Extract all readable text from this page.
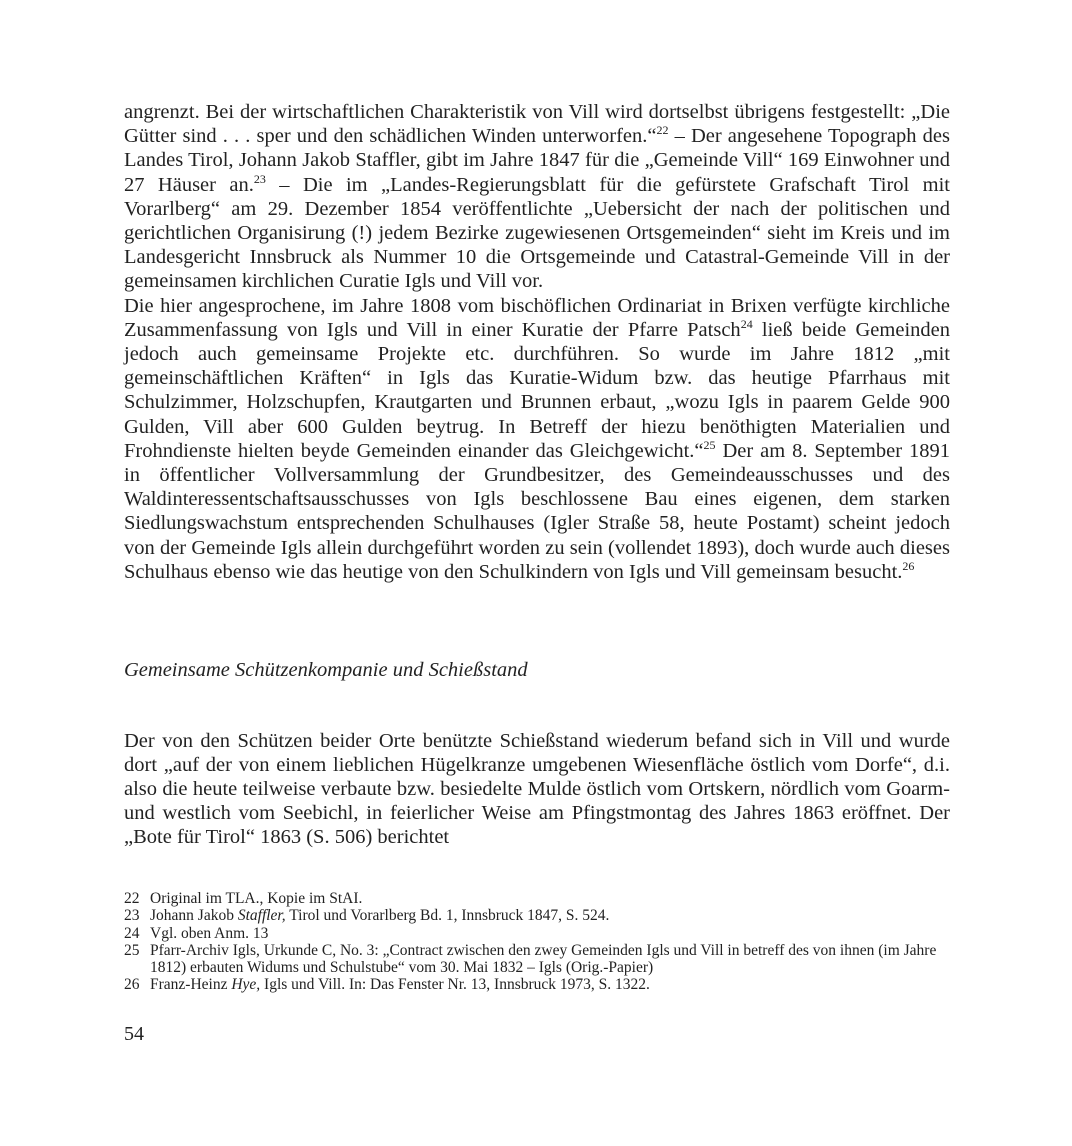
angrenzt. Bei der wirtschaftlichen Charakteristik von Vill wird dortselbst übrigens festgestellt: „Die Gütter sind . . . sper und den schädlichen Winden unterworfen.“$^{22}$ – Der angesehene Topograph des Landes Tirol, Johann Jakob Staffler, gibt im Jahre 1847 für die „Gemeinde Vill“ 169 Einwohner und 27 Häuser an.$^{23}$ – Die im „Landes-Regierungsblatt für die gefürstete Grafschaft Tirol mit Vorarlberg“ am 29. Dezember 1854 veröffentlichte „Uebersicht der nach der politischen und gerichtlichen Organisirung (!) jedem Bezirke zugewiesenen Ortsgemeinden“ sieht im Kreis und im Landesgericht Innsbruck als Nummer 10 die Ortsgemeinde und Catastral-Gemeinde Vill in der gemeinsamen kirchlichen Curatie Igls und Vill vor.

Die hier angesprochene, im Jahre 1808 vom bischöflichen Ordinariat in Brixen verfügte kirchliche Zusammenfassung von Igls und Vill in einer Kuratie der Pfarre Patsch$^{24}$ ließ beide Gemeinden jedoch auch gemeinsame Projekte etc. durchführen. So wurde im Jahre 1812 „mit gemeinschäftlichen Kräften“ in Igls das Kuratie-Widum bzw. das heutige Pfarrhaus mit Schulzimmer, Holzschupfen, Krautgarten und Brunnen erbaut, „wozu Igls in paarem Gelde 900 Gulden, Vill aber 600 Gulden beytrug. In Betreff der hiezu benöthigten Materialien und Frohndienste hielten beyde Gemeinden einander das Gleichgewicht.“$^{25}$ Der am 8. September 1891 in öffentlicher Vollversammlung der Grundbesitzer, des Gemeindeausschusses und des Waldinteressentschaftsausschusses von Igls beschlossene Bau eines eigenen, dem starken Siedlungswachstum entsprechenden Schulhauses (Igler Straße 58, heute Postamt) scheint jedoch von der Gemeinde Igls allein durchgeführt worden zu sein (vollendet 1893), doch wurde auch dieses Schulhaus ebenso wie das heutige von den Schulkindern von Igls und Vill gemeinsam besucht.$^{26}$

Gemeinsame Schützenkompanie und Schießstand

Der von den Schützen beider Orte benützte Schießstand wiederum befand sich in Vill und wurde dort „auf der von einem lieblichen Hügelkranze umgebenen Wiesenfläche östlich vom Dorfe“, d.i. also die heute teilweise verbaute bzw. besiedelte Mulde östlich vom Ortskern, nördlich vom Goarm- und westlich vom Seebichl, in feierlicher Weise am Pfingstmontag des Jahres 1863 eröffnet. Der „Bote für Tirol“ 1863 (S. 506) berichtet

22 Original im TLA., Kopie im StAI.
23 Johann Jakob Staffler, Tirol und Vorarlberg Bd. 1, Innsbruck 1847, S. 524.
24 Vgl. oben Anm. 13
25 Pfarr-Archiv Igls, Urkunde C, No. 3: „Contract zwischen den zwey Gemeinden Igls und Vill in betreff des von ihnen (im Jahre 1812) erbauten Widums und Schulstube“ vom 30. Mai 1832 – Igls (Orig.-Papier)
26 Franz-Heinz Hye, Igls und Vill. In: Das Fenster Nr. 13, Innsbruck 1973, S. 1322.
54
